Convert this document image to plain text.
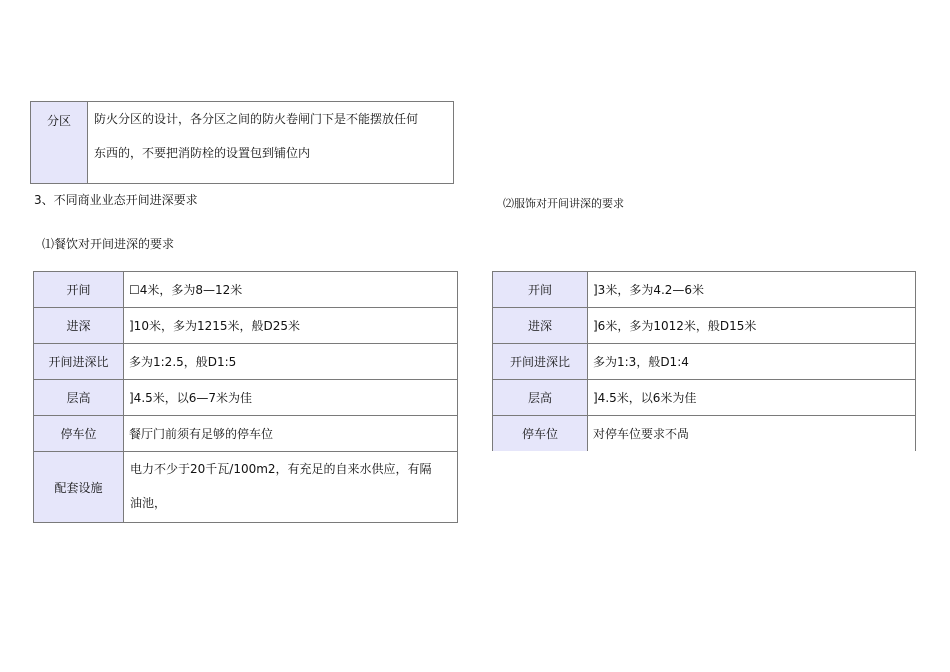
分区	防火分区的设计，各分区之间的防火卷闸门下是不能摆放任何
东西的，不要把消防栓的设置包到铺位内
3、不同商业业态开间进深要求	⑵服饰对开间讲深的要求
⑴餐饮对开间进深的要求
开间	☐4米，多为8—12米
进深	]10米，多为1215米，般D25米
开间进深比	多为1:2.5，般D1:5
层高	]4.5米，以6—7米为佳
停车位	餐厅门前须有足够的停车位
配套设施	电力不少于20千瓦/100m2，有充足的自来水供应，有隔
油池，
开间	]3米，多为4.2—6米
进深	]6米，多为1012米，般D15米
开间进深比	多为1:3，般D1:4
层高	]4.5米，以6米为佳
停车位	对停车位要求不咼
